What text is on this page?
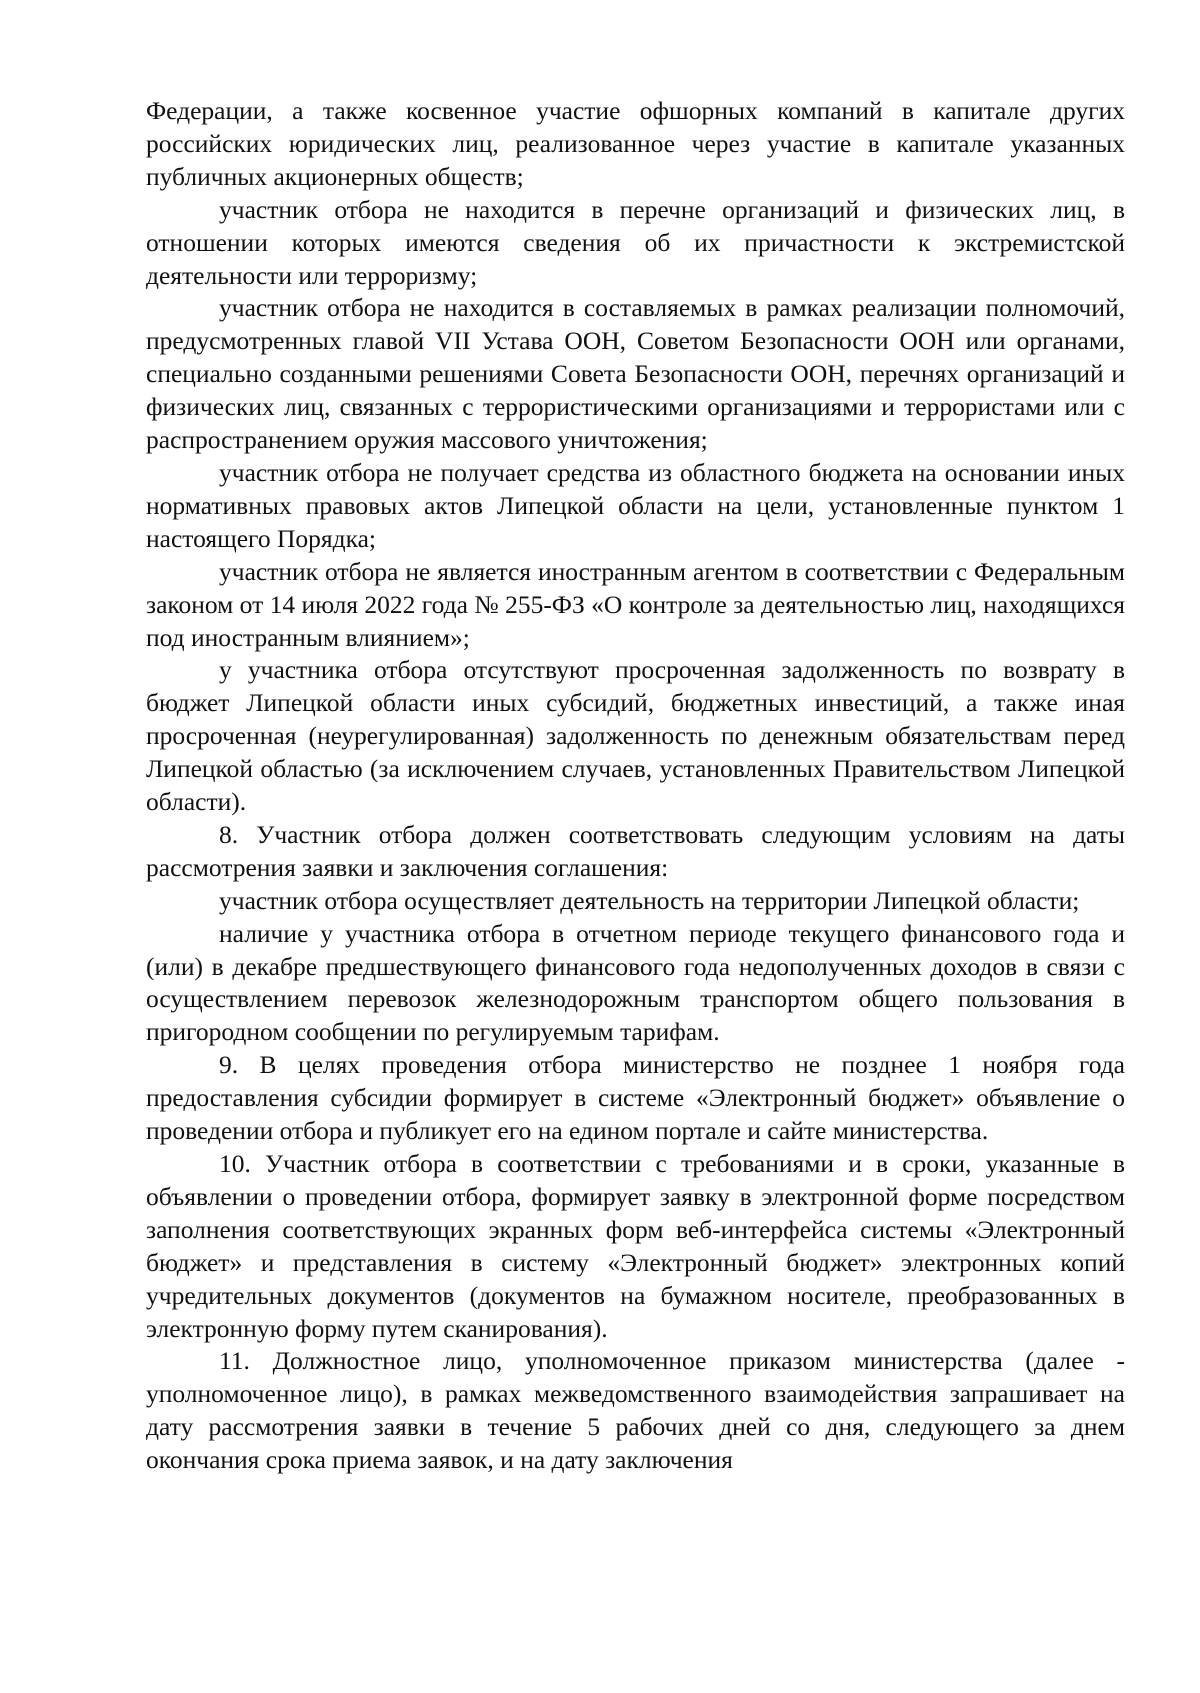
Федерации, а также косвенное участие офшорных компаний в капитале других российских юридических лиц, реализованное через участие в капитале указанных публичных акционерных обществ;

участник отбора не находится в перечне организаций и физических лиц, в отношении которых имеются сведения об их причастности к экстремистской деятельности или терроризму;

участник отбора не находится в составляемых в рамках реализации полномочий, предусмотренных главой VII Устава ООН, Советом Безопасности ООН или органами, специально созданными решениями Совета Безопасности ООН, перечнях организаций и физических лиц, связанных с террористическими организациями и террористами или с распространением оружия массового уничтожения;

участник отбора не получает средства из областного бюджета на основании иных нормативных правовых актов Липецкой области на цели, установленные пунктом 1 настоящего Порядка;

участник отбора не является иностранным агентом в соответствии с Федеральным законом от 14 июля 2022 года № 255-ФЗ «О контроле за деятельностью лиц, находящихся под иностранным влиянием»;

у участника отбора отсутствуют просроченная задолженность по возврату в бюджет Липецкой области иных субсидий, бюджетных инвестиций, а также иная просроченная (неурегулированная) задолженность по денежным обязательствам перед Липецкой областью (за исключением случаев, установленных Правительством Липецкой области).

8. Участник отбора должен соответствовать следующим условиям на даты рассмотрения заявки и заключения соглашения:

участник отбора осуществляет деятельность на территории Липецкой области;

наличие у участника отбора в отчетном периоде текущего финансового года и (или) в декабре предшествующего финансового года недополученных доходов в связи с осуществлением перевозок железнодорожным транспортом общего пользования в пригородном сообщении по регулируемым тарифам.

9. В целях проведения отбора министерство не позднее 1 ноября года предоставления субсидии формирует в системе «Электронный бюджет» объявление о проведении отбора и публикует его на едином портале и сайте министерства.

10. Участник отбора в соответствии с требованиями и в сроки, указанные в объявлении о проведении отбора, формирует заявку в электронной форме посредством заполнения соответствующих экранных форм веб-интерфейса системы «Электронный бюджет» и представления в систему «Электронный бюджет» электронных копий учредительных документов (документов на бумажном носителе, преобразованных в электронную форму путем сканирования).

11. Должностное лицо, уполномоченное приказом министерства (далее - уполномоченное лицо), в рамках межведомственного взаимодействия запрашивает на дату рассмотрения заявки в течение 5 рабочих дней со дня, следующего за днем окончания срока приема заявок, и на дату заключения
